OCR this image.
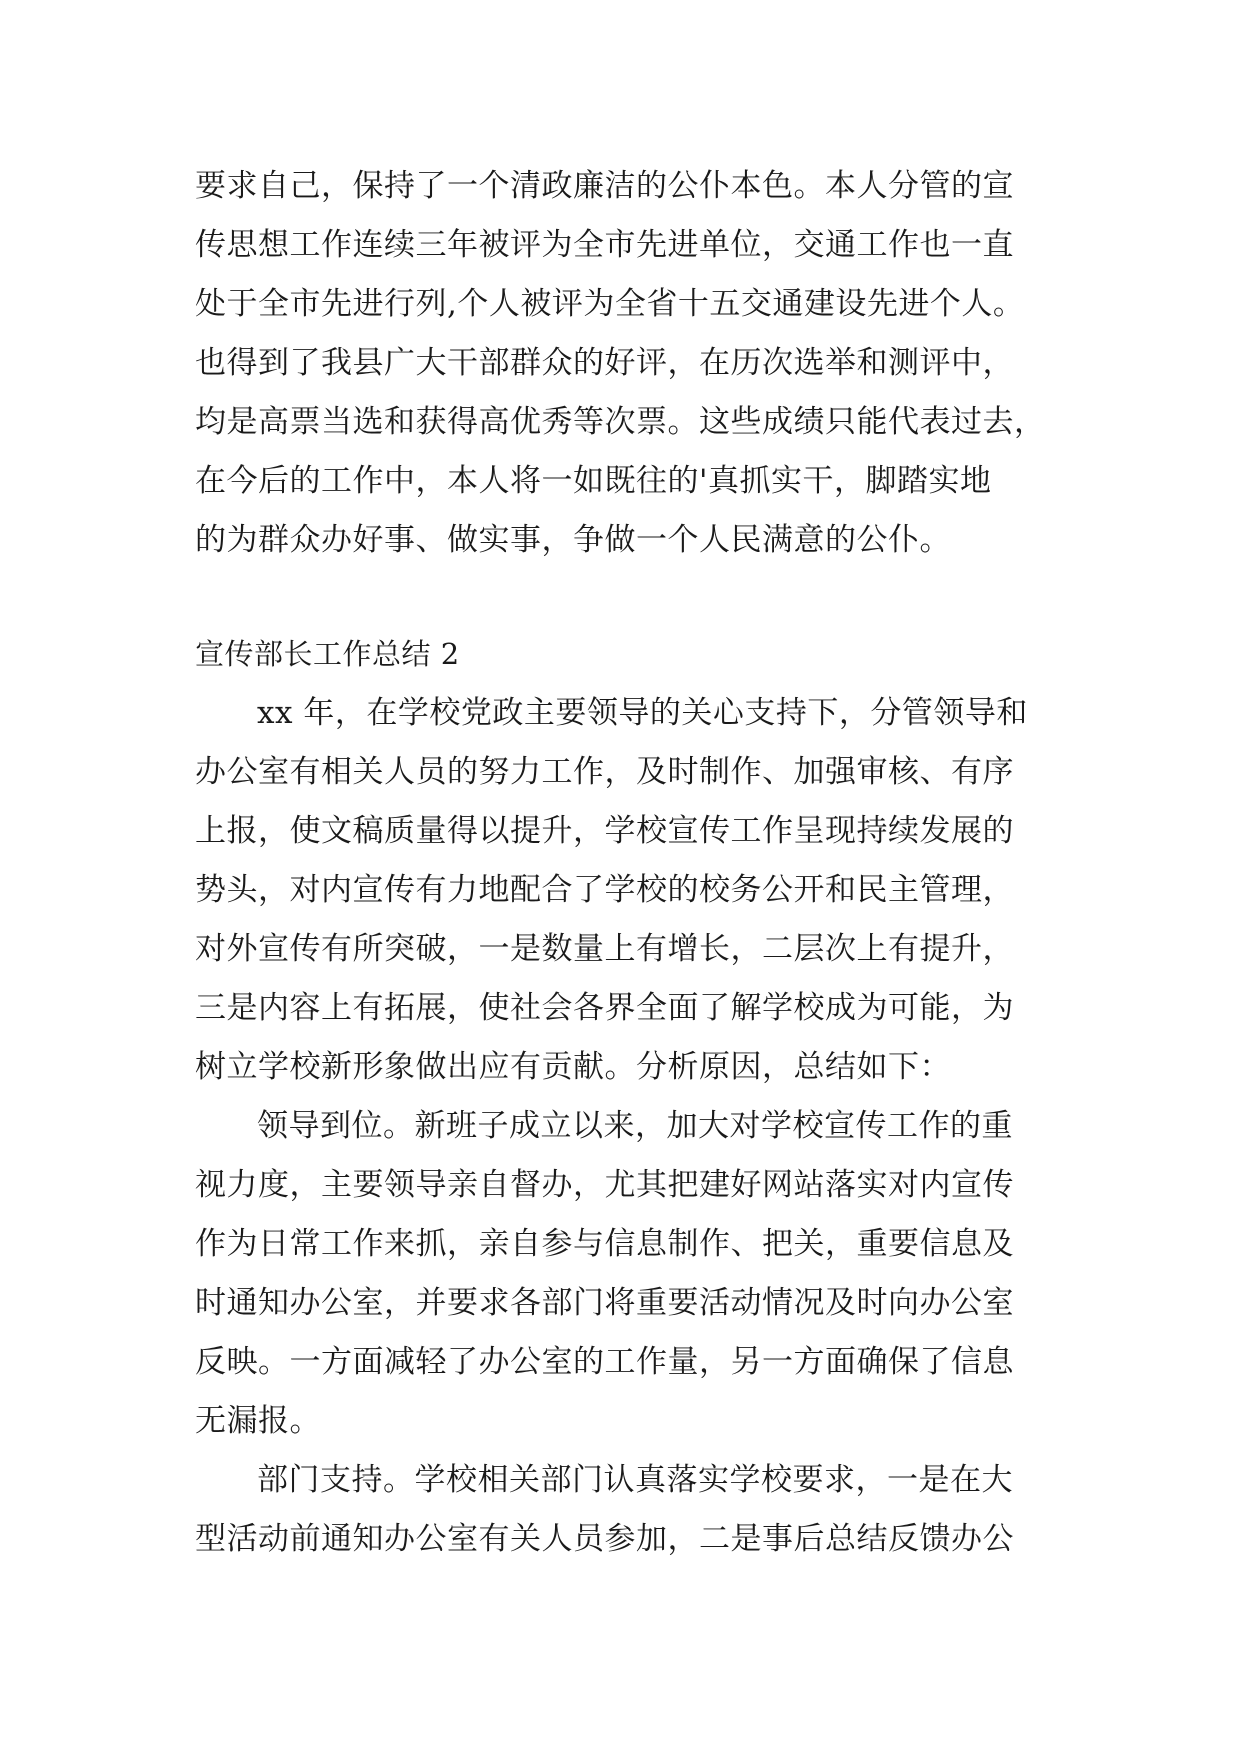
要求自己，保持了一个清政廉洁的公仆本色。本人分管的宣
传思想工作连续三年被评为全市先进单位，交通工作也一直
处于全市先进行列,个人被评为全省十五交通建设先进个人。
也得到了我县广大干部群众的好评，在历次选举和测评中，
均是高票当选和获得高优秀等次票。这些成绩只能代表过去，
在今后的工作中，本人将一如既往的'真抓实干，脚踏实地
的为群众办好事、做实事，争做一个人民满意的公仆。
宣传部长工作总结 2
xx 年，在学校党政主要领导的关心支持下，分管领导和
办公室有相关人员的努力工作，及时制作、加强审核、有序
上报，使文稿质量得以提升，学校宣传工作呈现持续发展的
势头，对内宣传有力地配合了学校的校务公开和民主管理，
对外宣传有所突破，一是数量上有增长，二层次上有提升，
三是内容上有拓展，使社会各界全面了解学校成为可能，为
树立学校新形象做出应有贡献。分析原因，总结如下：
领导到位。新班子成立以来，加大对学校宣传工作的重
视力度，主要领导亲自督办，尤其把建好网站落实对内宣传
作为日常工作来抓，亲自参与信息制作、把关，重要信息及
时通知办公室，并要求各部门将重要活动情况及时向办公室
反映。一方面减轻了办公室的工作量，另一方面确保了信息
无漏报。
部门支持。学校相关部门认真落实学校要求，一是在大
型活动前通知办公室有关人员参加，二是事后总结反馈办公
